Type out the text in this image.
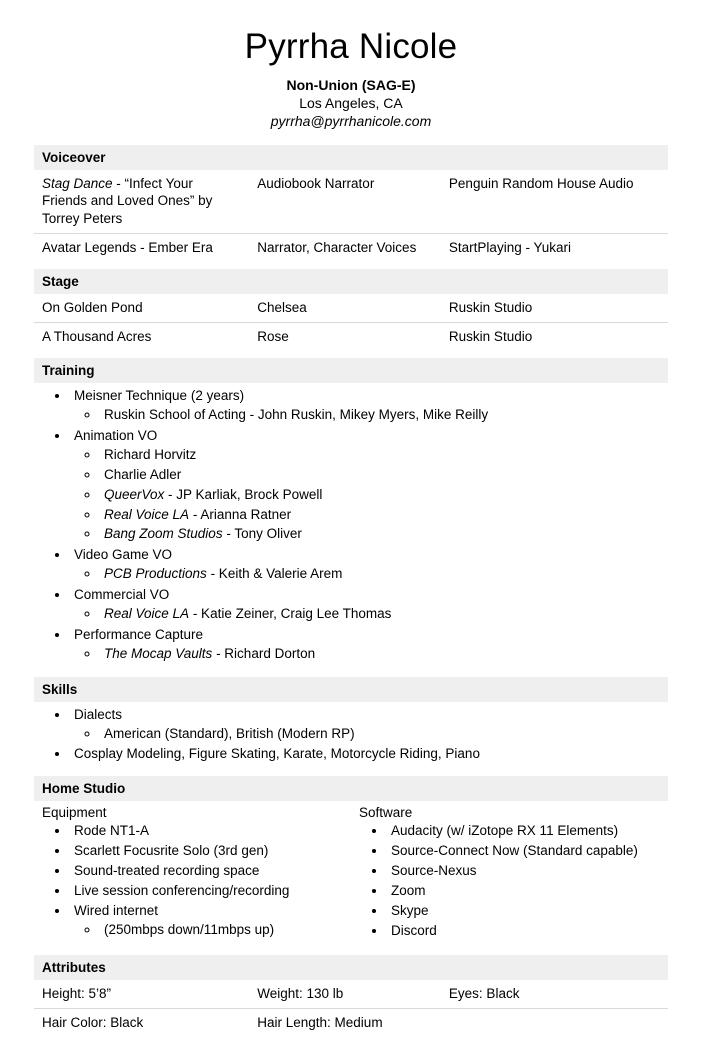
Pyrrha Nicole
Non-Union (SAG-E)
Los Angeles, CA
pyrrha@pyrrhanicole.com
Voiceover
Stag Dance - “Infect Your Friends and Loved Ones” by Torrey Peters	Audiobook Narrator	Penguin Random House Audio
Avatar Legends - Ember Era	Narrator, Character Voices	StartPlaying - Yukari
Stage
On Golden Pond	Chelsea	Ruskin Studio
A Thousand Acres	Rose	Ruskin Studio
Training
• Meisner Technique (2 years)
◦ Ruskin School of Acting - John Ruskin, Mikey Myers, Mike Reilly
• Animation VO
◦ Richard Horvitz
◦ Charlie Adler
◦ QueerVox - JP Karliak, Brock Powell
◦ Real Voice LA - Arianna Ratner
◦ Bang Zoom Studios - Tony Oliver
• Video Game VO
◦ PCB Productions - Keith & Valerie Arem
• Commercial VO
◦ Real Voice LA - Katie Zeiner, Craig Lee Thomas
• Performance Capture
◦ The Mocap Vaults - Richard Dorton
Skills
• Dialects
◦ American (Standard), British (Modern RP)
• Cosplay Modeling, Figure Skating, Karate, Motorcycle Riding, Piano
Home Studio
Equipment
• Rode NT1-A
• Scarlett Focusrite Solo (3rd gen)
• Sound-treated recording space
• Live session conferencing/recording
• Wired internet
◦ (250mbps down/11mbps up)
Software
• Audacity (w/ iZotope RX 11 Elements)
• Source-Connect Now (Standard capable)
• Source-Nexus
• Zoom
• Skype
• Discord
Attributes
Height: 5’8”	Weight: 130 lb	Eyes: Black
Hair Color: Black	Hair Length: Medium	
